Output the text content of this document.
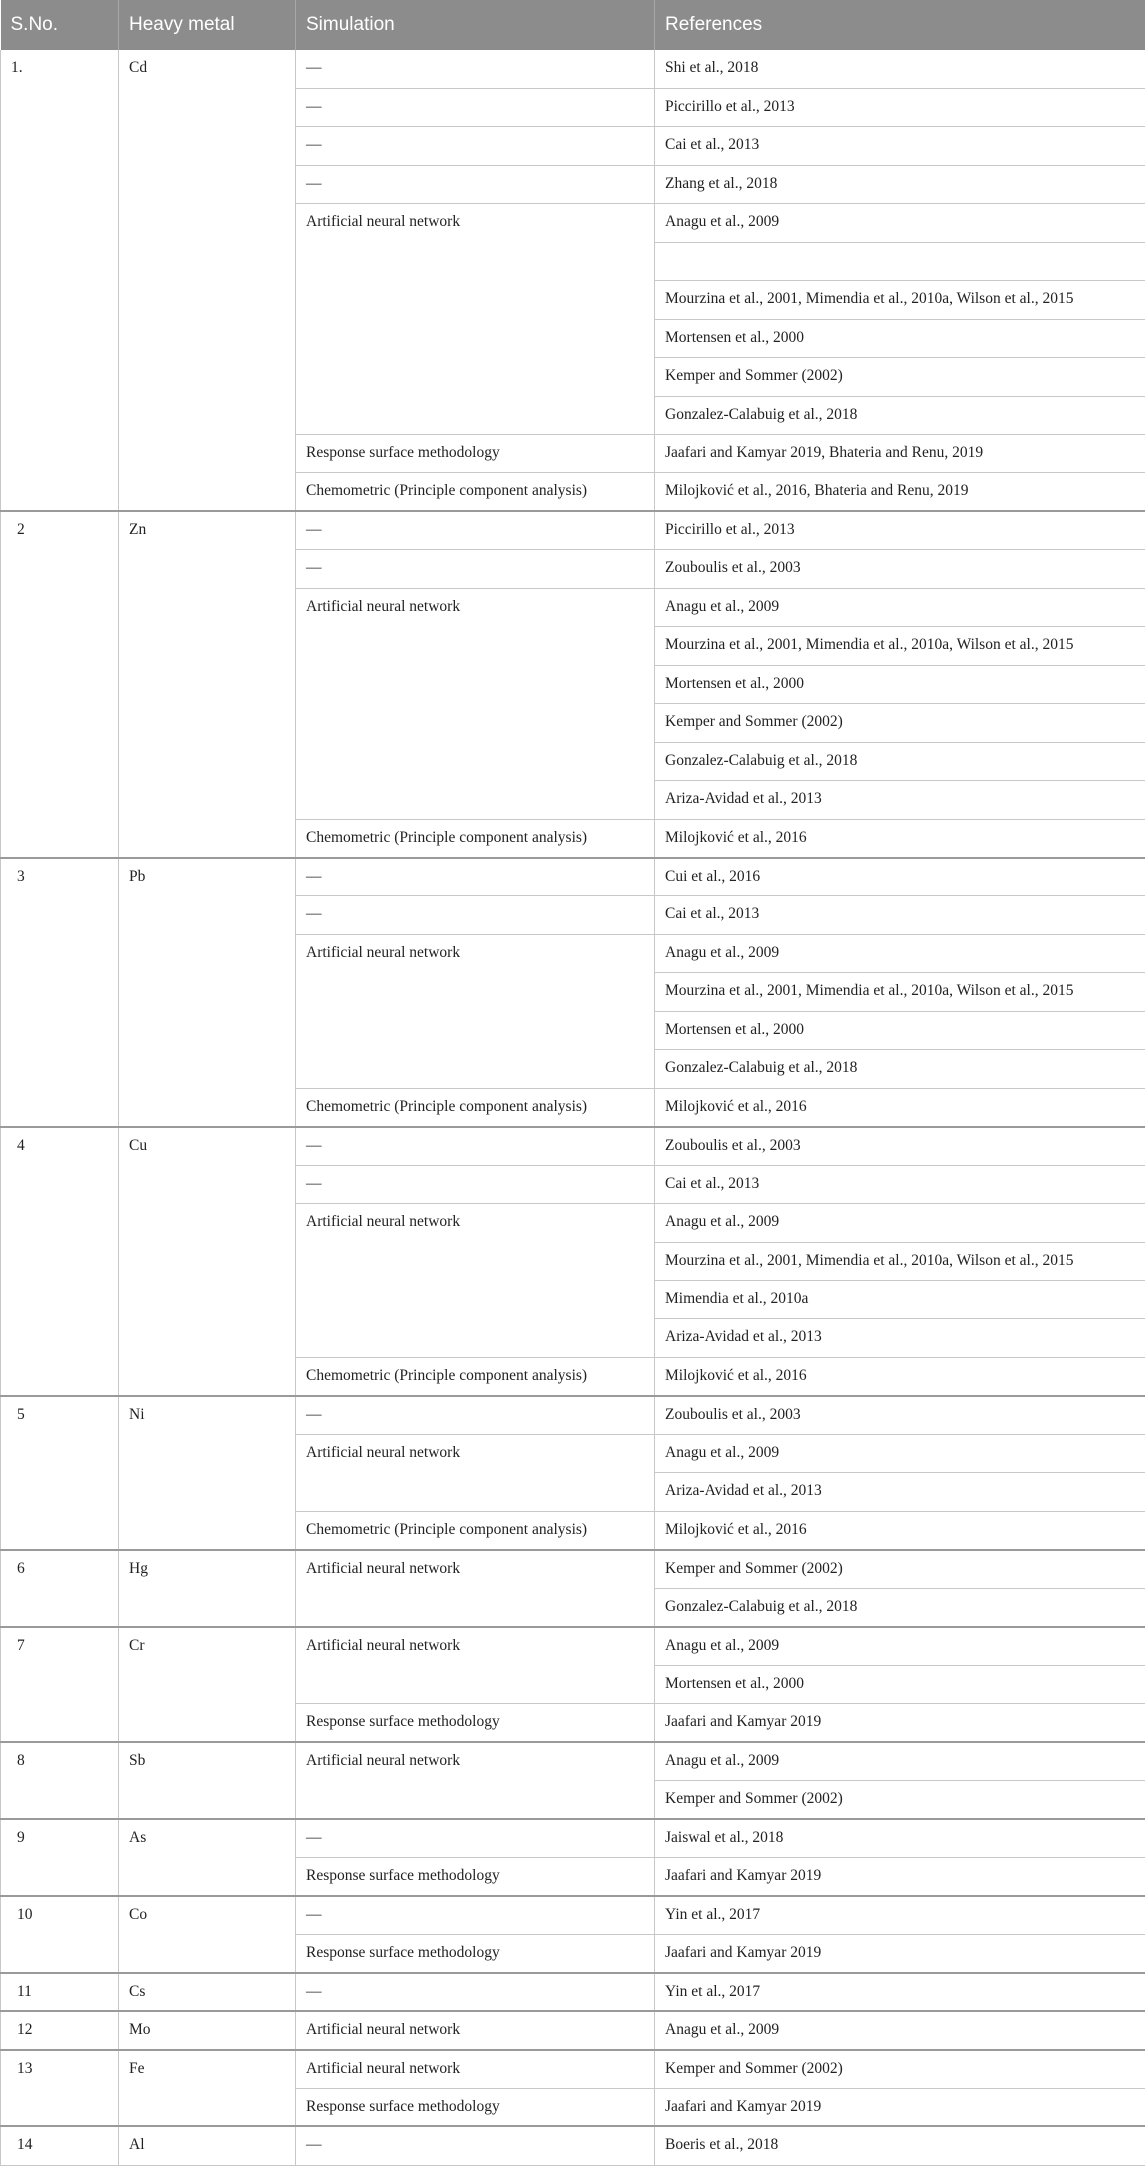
S.No.	Heavy metal	Simulation	References
1.	Cd	—	Shi et al., 2018
		—	Piccirillo et al., 2013
		—	Cai et al., 2013
		—	Zhang et al., 2018
		Artificial neural network	Anagu et al., 2009

			Mourzina et al., 2001, Mimendia et al., 2010a, Wilson et al., 2015
			Mortensen et al., 2000
			Kemper and Sommer (2002)
			Gonzalez-Calabuig et al., 2018
		Response surface methodology	Jaafari and Kamyar 2019, Bhateria and Renu, 2019
		Chemometric (Principle component analysis)	Milojković et al., 2016, Bhateria and Renu, 2019
2	Zn	—	Piccirillo et al., 2013
		—	Zouboulis et al., 2003
		Artificial neural network	Anagu et al., 2009
			Mourzina et al., 2001, Mimendia et al., 2010a, Wilson et al., 2015
			Mortensen et al., 2000
			Kemper and Sommer (2002)
			Gonzalez-Calabuig et al., 2018
			Ariza-Avidad et al., 2013
		Chemometric (Principle component analysis)	Milojković et al., 2016
3	Pb	—	Cui et al., 2016
		—	Cai et al., 2013
		Artificial neural network	Anagu et al., 2009
			Mourzina et al., 2001, Mimendia et al., 2010a, Wilson et al., 2015
			Mortensen et al., 2000
			Gonzalez-Calabuig et al., 2018
		Chemometric (Principle component analysis)	Milojković et al., 2016
4	Cu	—	Zouboulis et al., 2003
		—	Cai et al., 2013
		Artificial neural network	Anagu et al., 2009
			Mourzina et al., 2001, Mimendia et al., 2010a, Wilson et al., 2015
			Mimendia et al., 2010a
			Ariza-Avidad et al., 2013
		Chemometric (Principle component analysis)	Milojković et al., 2016
5	Ni	—	Zouboulis et al., 2003
		Artificial neural network	Anagu et al., 2009
			Ariza-Avidad et al., 2013
		Chemometric (Principle component analysis)	Milojković et al., 2016
6	Hg	Artificial neural network	Kemper and Sommer (2002)
			Gonzalez-Calabuig et al., 2018
7	Cr	Artificial neural network	Anagu et al., 2009
			Mortensen et al., 2000
		Response surface methodology	Jaafari and Kamyar 2019
8	Sb	Artificial neural network	Anagu et al., 2009
			Kemper and Sommer (2002)
9	As	—	Jaiswal et al., 2018
		Response surface methodology	Jaafari and Kamyar 2019
10	Co	—	Yin et al., 2017
		Response surface methodology	Jaafari and Kamyar 2019
11	Cs	—	Yin et al., 2017
12	Mo	Artificial neural network	Anagu et al., 2009
13	Fe	Artificial neural network	Kemper and Sommer (2002)
		Response surface methodology	Jaafari and Kamyar 2019
14	Al	—	Boeris et al., 2018
